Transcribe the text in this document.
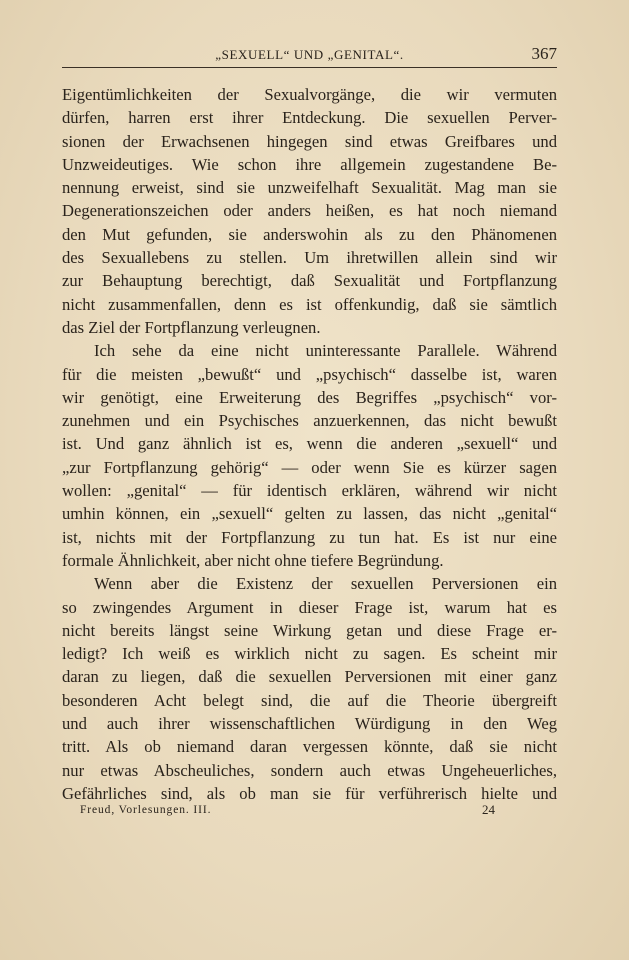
„SEXUELL“ UND „GENITAL“.	367
Eigentümlichkeiten der Sexualvorgänge, die wir vermuten
dürfen, harren erst ihrer Entdeckung. Die sexuellen Perver-
sionen der Erwachsenen hingegen sind etwas Greifbares und
Unzweideutiges. Wie schon ihre allgemein zugestandene Be-
nennung erweist, sind sie unzweifelhaft Sexualität. Mag man sie
Degenerationszeichen oder anders heißen, es hat noch niemand
den Mut gefunden, sie anderswohin als zu den Phänomenen
des Sexuallebens zu stellen. Um ihretwillen allein sind wir
zur Behauptung berechtigt, daß Sexualität und Fortpflanzung
nicht zusammenfallen, denn es ist offenkundig, daß sie sämtlich
das Ziel der Fortpflanzung verleugnen.
Ich sehe da eine nicht uninteressante Parallele. Während
für die meisten „bewußt“ und „psychisch“ dasselbe ist, waren
wir genötigt, eine Erweiterung des Begriffes „psychisch“ vor-
zunehmen und ein Psychisches anzuerkennen, das nicht bewußt
ist. Und ganz ähnlich ist es, wenn die anderen „sexuell“ und
„zur Fortpflanzung gehörig“ — oder wenn Sie es kürzer sagen
wollen: „genital“ — für identisch erklären, während wir nicht
umhin können, ein „sexuell“ gelten zu lassen, das nicht „genital“
ist, nichts mit der Fortpflanzung zu tun hat. Es ist nur eine
formale Ähnlichkeit, aber nicht ohne tiefere Begründung.
Wenn aber die Existenz der sexuellen Perversionen ein
so zwingendes Argument in dieser Frage ist, warum hat es
nicht bereits längst seine Wirkung getan und diese Frage er-
ledigt? Ich weiß es wirklich nicht zu sagen. Es scheint mir
daran zu liegen, daß die sexuellen Perversionen mit einer ganz
besonderen Acht belegt sind, die auf die Theorie übergreift
und auch ihrer wissenschaftlichen Würdigung in den Weg
tritt. Als ob niemand daran vergessen könnte, daß sie nicht
nur etwas Abscheuliches, sondern auch etwas Ungeheuerliches,
Gefährliches sind, als ob man sie für verführerisch hielte und
Freud, Vorlesungen. III.	24
